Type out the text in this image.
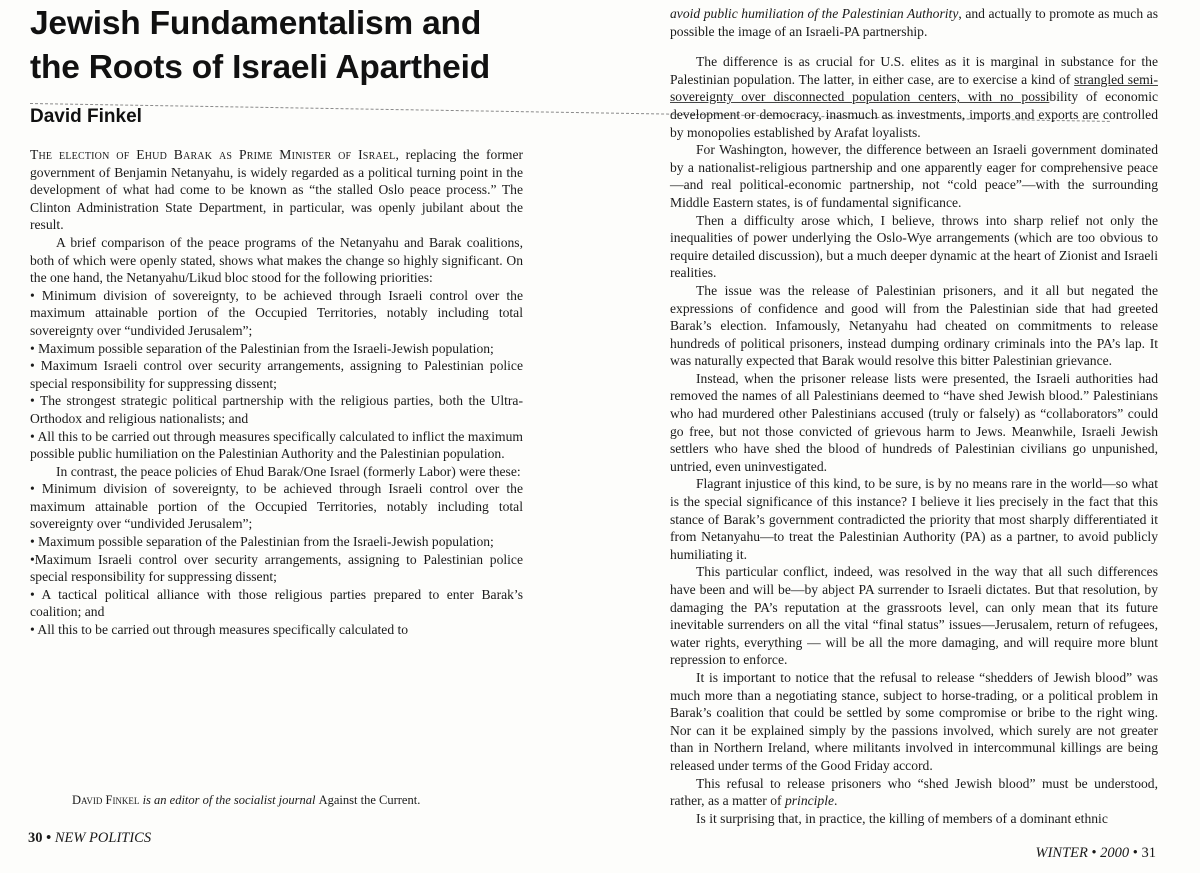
Jewish Fundamentalism and
the Roots of Israeli Apartheid
David Finkel

The election of Ehud Barak as Prime Minister of Israel, replacing the former government of Benjamin Netanyahu, is widely regarded as a political turning point in the development of what had come to be known as “the stalled Oslo peace process.” The Clinton Administration State Department, in particular, was openly jubilant about the result.

A brief comparison of the peace programs of the Netanyahu and Barak coalitions, both of which were openly stated, shows what makes the change so highly significant. On the one hand, the Netanyahu/Likud bloc stood for the following priorities:

• Minimum division of sovereignty, to be achieved through Israeli control over the maximum attainable portion of the Occupied Territories, notably including total sovereignty over “undivided Jerusalem”;

• Maximum possible separation of the Palestinian from the Israeli-Jewish population;

• Maximum Israeli control over security arrangements, assigning to Palestinian police special responsibility for suppressing dissent;

• The strongest strategic political partnership with the religious parties, both the Ultra-Orthodox and religious nationalists; and

• All this to be carried out through measures specifically calculated to inflict the maximum possible public humiliation on the Palestinian Authority and the Palestinian population.

In contrast, the peace policies of Ehud Barak/One Israel (formerly Labor) were these:

• Minimum division of sovereignty, to be achieved through Israeli control over the maximum attainable portion of the Occupied Territories, notably including total sovereignty over “undivided Jerusalem”;

• Maximum possible separation of the Palestinian from the Israeli-Jewish population;

•Maximum Israeli control over security arrangements, assigning to Palestinian police special responsibility for suppressing dissent;

• A tactical political alliance with those religious parties prepared to enter Barak’s coalition; and

• All this to be carried out through measures specifically calculated to

David Finkel is an editor of the socialist journal Against the Current.
30 • NEW POLITICS

avoid public humiliation of the Palestinian Authority, and actually to promote as much as possible the image of an Israeli-PA partnership.

The difference is as crucial for U.S. elites as it is marginal in substance for the Palestinian population. The latter, in either case, are to exercise a kind of strangled semi-sovereignty over disconnected population centers, with no possibility of economic development or democracy, inasmuch as investments, imports and exports are controlled by monopolies established by Arafat loyalists.

For Washington, however, the difference between an Israeli government dominated by a nationalist-religious partnership and one apparently eager for comprehensive peace—and real political-economic partnership, not “cold peace”—with the surrounding Middle Eastern states, is of fundamental significance.

Then a difficulty arose which, I believe, throws into sharp relief not only the inequalities of power underlying the Oslo-Wye arrangements (which are too obvious to require detailed discussion), but a much deeper dynamic at the heart of Zionist and Israeli realities.

The issue was the release of Palestinian prisoners, and it all but negated the expressions of confidence and good will from the Palestinian side that had greeted Barak’s election. Infamously, Netanyahu had cheated on commitments to release hundreds of political prisoners, instead dumping ordinary criminals into the PA’s lap. It was naturally expected that Barak would resolve this bitter Palestinian grievance.

Instead, when the prisoner release lists were presented, the Israeli authorities had removed the names of all Palestinians deemed to “have shed Jewish blood.” Palestinians who had murdered other Palestinians accused (truly or falsely) as “collaborators” could go free, but not those convicted of grievous harm to Jews. Meanwhile, Israeli Jewish settlers who have shed the blood of hundreds of Palestinian civilians go unpunished, untried, even uninvestigated.

Flagrant injustice of this kind, to be sure, is by no means rare in the world—so what is the special significance of this instance? I believe it lies precisely in the fact that this stance of Barak’s government contradicted the priority that most sharply differentiated it from Netanyahu—to treat the Palestinian Authority (PA) as a partner, to avoid publicly humiliating it.

This particular conflict, indeed, was resolved in the way that all such differences have been and will be—by abject PA surrender to Israeli dictates. But that resolution, by damaging the PA’s reputation at the grassroots level, can only mean that its future inevitable surrenders on all the vital “final status” issues—Jerusalem, return of refugees, water rights, everything — will be all the more damaging, and will require more blunt repression to enforce.

It is important to notice that the refusal to release “shedders of Jewish blood” was much more than a negotiating stance, subject to horse-trading, or a political problem in Barak’s coalition that could be settled by some compromise or bribe to the right wing. Nor can it be explained simply by the passions involved, which surely are not greater than in Northern Ireland, where militants involved in intercommunal killings are being released under terms of the Good Friday accord.

This refusal to release prisoners who “shed Jewish blood” must be understood, rather, as a matter of principle.

Is it surprising that, in practice, the killing of members of a dominant ethnic

WINTER • 2000 • 31
